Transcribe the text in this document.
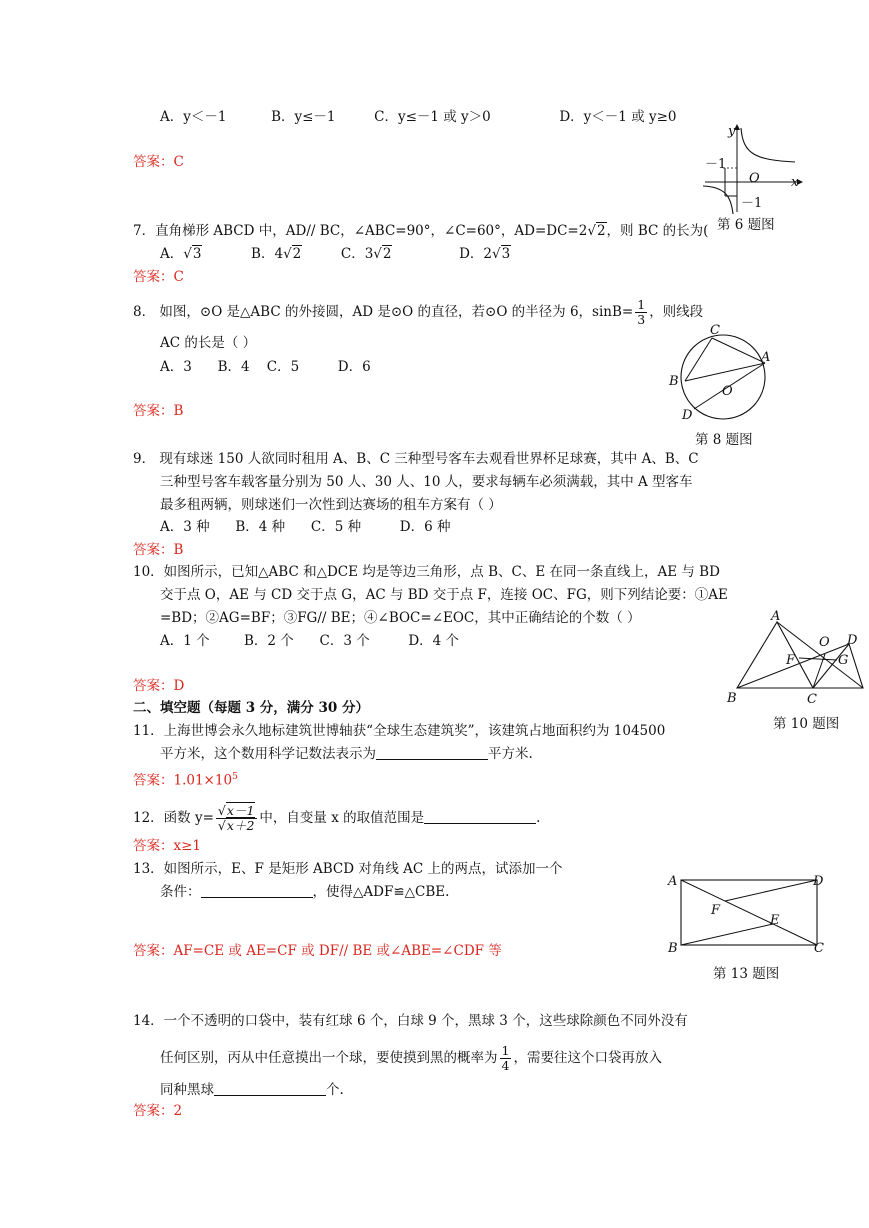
A．y＜－1	B．y≤－1	C．y≤－1 或 y＞0	D．y＜－1 或 y≥0
答案：C
y
x
O
－1
－1
第 6 题图
7．直角梯形 ABCD 中，AD// BC，∠ABC=90°，∠C=60°，AD=DC=2√2，则 BC 的长为(
A．√3	B．4√2	C．3√2	D．2√3
答案：C
8． 如图，⊙O 是△ABC 的外接圆，AD 是⊙O 的直径，若⊙O 的半径为 6，$\sin B= \frac{1}{3}$ ，则线段
AC 的长是（ ）
A．3      B．4    C．5         D．6
答案：B
C
A
B
D
O
第 8 题图
9． 现有球迷 150 人欲同时租用 A、B、C 三种型号客车去观看世界杯足球赛，其中 A、B、C
三种型号客车载客量分别为 50 人、30 人、10 人，要求每辆车必须满载，其中 A 型客车
最多租两辆，则球迷们一次性到达赛场的租车方案有（ ）
A．3 种      B．4 种      C．5 种         D．6 种
答案：B
10．如图所示，已知△ABC 和△DCE 均是等边三角形，点 B、C、E 在同一条直线上，AE 与 BD
交于点 O，AE 与 CD 交于点 G，AC 与 BD 交于点 F，连接 OC、FG，则下列结论要：①AE
=BD；②AG=BF；③FG// BE；④∠BOC=∠EOC，其中正确结论的个数（ ）
A．1 个        B．2 个      C．3 个         D．4 个
答案：D
A
B	C
D
F	G
O
第 10 题图
二、填空题（每题 3 分，满分 30 分）
11．上海世博会永久地标建筑世博轴获“全球生态建筑奖”，该建筑占地面积约为 104500
平方米，这个数用科学记数法表示为	平方米.
答案：$1.01\times 10^5$
12．函数 $y= \frac{√x-1}{√x+2}$ 中，自变量 x 的取值范围是	.
答案：x≥1
13．如图所示，E、F 是矩形 ABCD 对角线 AC 上的两点，试添加一个
条件：	，使得△ADF≌△CBE.
答案：AF=CE 或 AE=CF 或 DF// BE 或∠ABE=∠CDF 等
A	D
B	C
F
E
第 13 题图
14．一个不透明的口袋中，装有红球 6 个，白球 9 个，黑球 3 个，这些球除颜色不同外没有
任何区别，丙从中任意摸出一个球，要使摸到黑的概率为 $\frac{1}{4}$ ，需要往这个口袋再放入
同种黑球	个.
答案：2
